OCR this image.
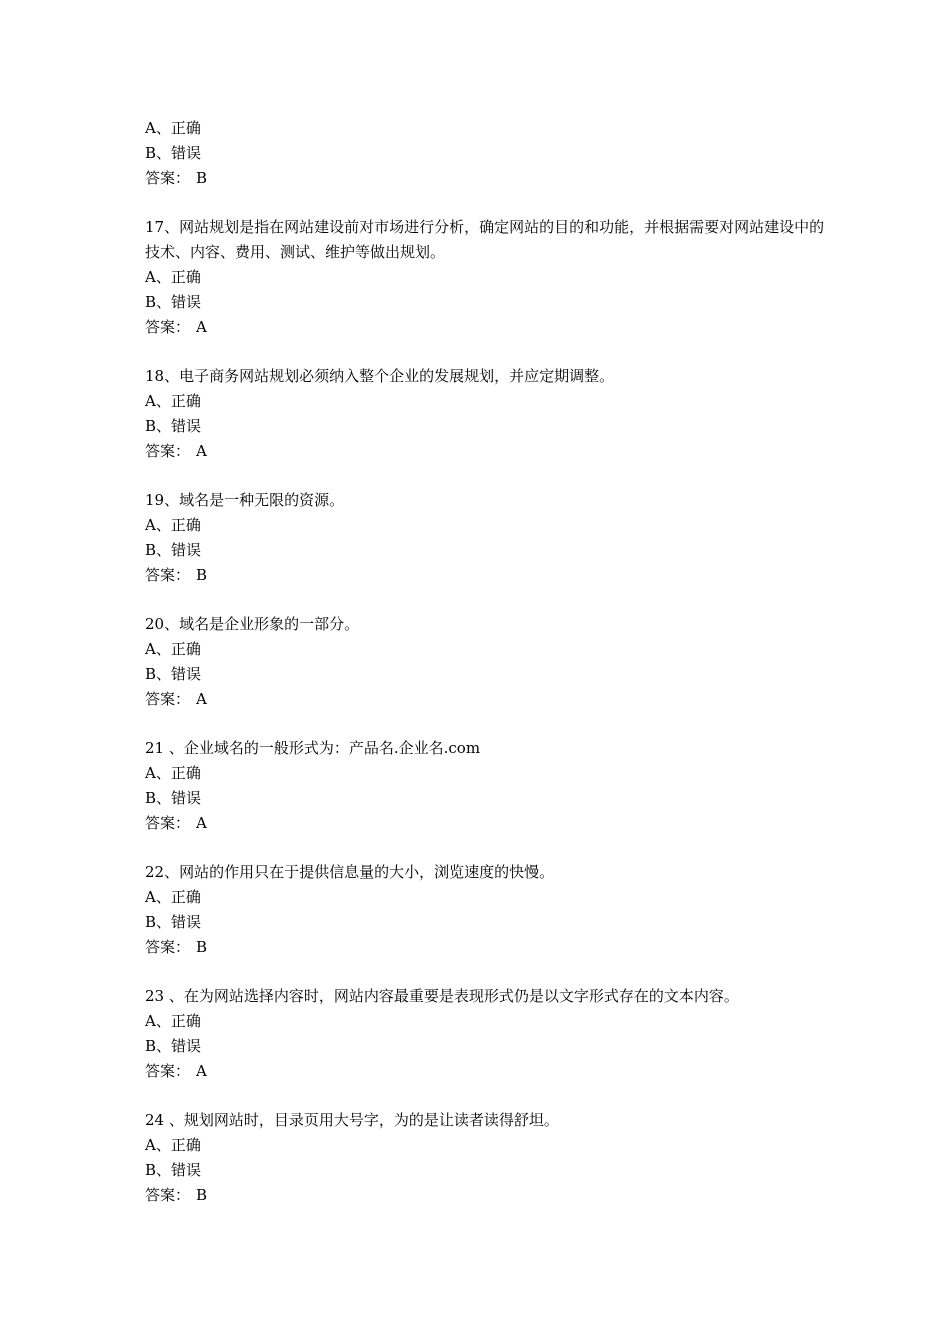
A、正确
B、错误
答案： B
17、网站规划是指在网站建设前对市场进行分析，确定网站的目的和功能，并根据需要对网站建设中的技术、内容、费用、测试、维护等做出规划。
A、正确
B、错误
答案： A
18、电子商务网站规划必须纳入整个企业的发展规划，并应定期调整。
A、正确
B、错误
答案： A
19、域名是一种无限的资源。
A、正确
B、错误
答案： B
20、域名是企业形象的一部分。
A、正确
B、错误
答案： A
21 、企业域名的一般形式为：产品名.企业名.com
A、正确
B、错误
答案： A
22、网站的作用只在于提供信息量的大小，浏览速度的快慢。
A、正确
B、错误
答案： B
23 、在为网站选择内容时，网站内容最重要是表现形式仍是以文字形式存在的文本内容。
A、正确
B、错误
答案： A
24 、规划网站时，目录页用大号字，为的是让读者读得舒坦。
A、正确
B、错误
答案： B
